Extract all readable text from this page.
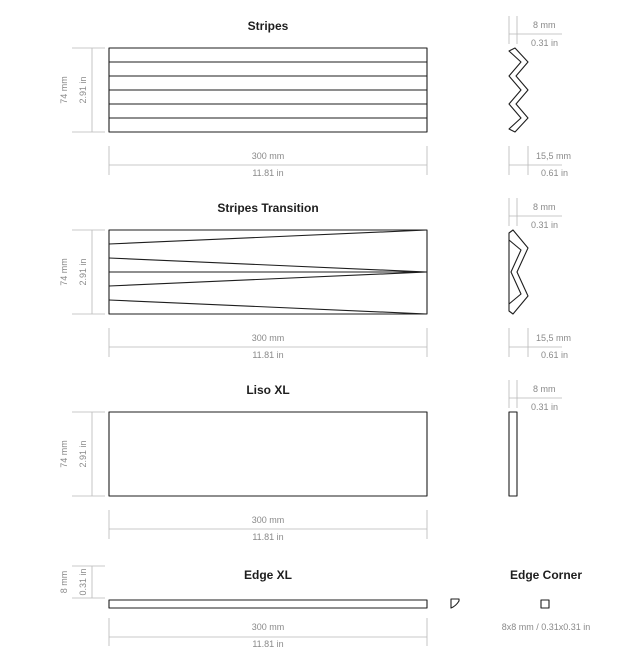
Stripes
74 mm 2.91 in
300 mm
11.81 in
8 mm
0.31 in
15,5 mm
0.61 in
Stripes Transition
74 mm 2.91 in
300 mm
11.81 in
8 mm
0.31 in
15,5 mm
0.61 in
Liso XL
74 mm 2.91 in
300 mm
11.81 in
8 mm
0.31 in
Edge XL
8 mm 0.31 in
300 mm
11.81 in
Edge Corner
8x8 mm / 0.31x0.31 in
